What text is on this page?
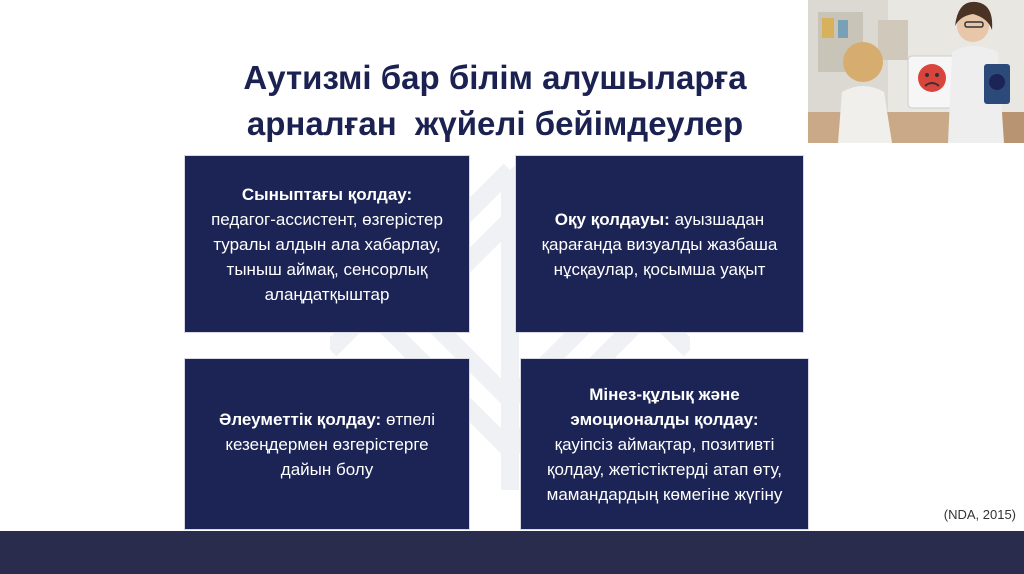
Аутизмі бар білім алушыларға
арналған  жүйелі бейімдеулер
Сыныптағы қолдау:
педагог-ассистент, өзгерістер
туралы алдын ала хабарлау,
тыныш аймақ, сенсорлық
алаңдатқыштар
Оқу қолдауы: ауызшадан
қарағанда визуалды жазбаша
нұсқаулар, қосымша уақыт
Әлеуметтік қолдау: өтпелі
кезеңдермен өзгерістерге
дайын болу
Мінез-құлық және
эмоционалды қолдау:
қауіпсіз аймақтар, позитивті
қолдау, жетістіктерді атап өту,
мамандардың көмегіне жүгіну
(NDA, 2015)
